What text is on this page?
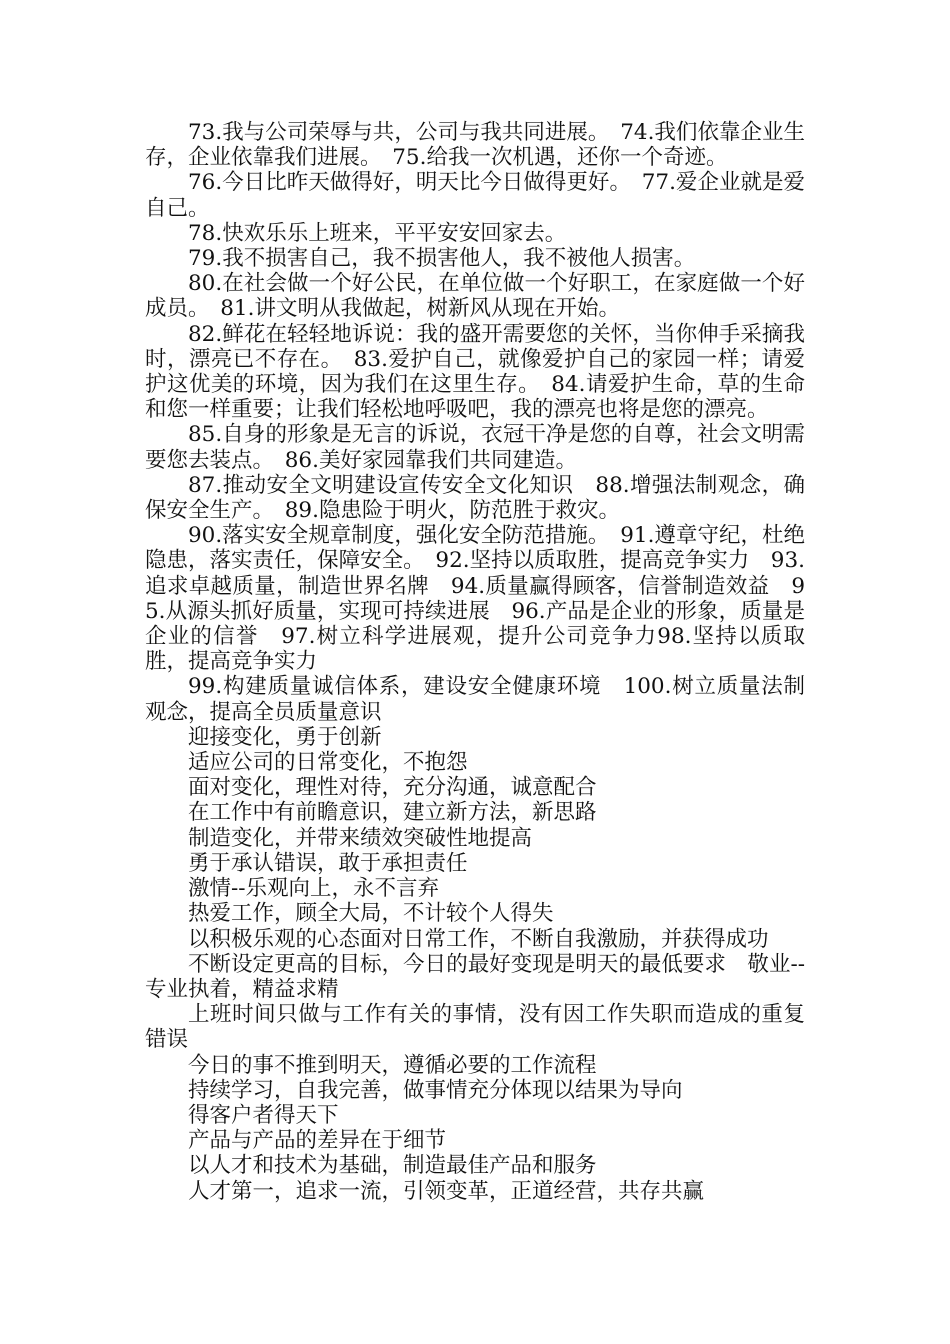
73.我与公司荣辱与共，公司与我共同进展。　74.我们依靠企业生存，企业依靠我们进展。　75.给我一次机遇，还你一个奇迹。

76.今日比昨天做得好，明天比今日做得更好。　77.爱企业就是爱自己。

78.快欢乐乐上班来，平平安安回家去。

79.我不损害自己，我不损害他人，我不被他人损害。

80.在社会做一个好公民，在单位做一个好职工，在家庭做一个好成员。　81.讲文明从我做起，树新风从现在开始。

82.鲜花在轻轻地诉说：我的盛开需要您的关怀，当你伸手采摘我时，漂亮已不存在。　83.爱护自己，就像爱护自己的家园一样；请爱护这优美的环境，因为我们在这里生存。　84.请爱护生命，草的生命和您一样重要；让我们轻松地呼吸吧，我的漂亮也将是您的漂亮。

85.自身的形象是无言的诉说，衣冠干净是您的自尊，社会文明需要您去装点。　86.美好家园靠我们共同建造。

87.推动安全文明建设宣传安全文化知识　88.增强法制观念，确保安全生产。　89.隐患险于明火，防范胜于救灾。

90.落实安全规章制度，强化安全防范措施。　91.遵章守纪，杜绝隐患，落实责任，保障安全。　92.坚持以质取胜，提高竞争实力　93.追求卓越质量，制造世界名牌　94.质量赢得顾客，信誉制造效益　95.从源头抓好质量，实现可持续进展　96.产品是企业的形象，质量是企业的信誉　97.树立科学进展观，提升公司竞争力98.坚持以质取胜，提高竞争实力

99.构建质量诚信体系，建设安全健康环境　100.树立质量法制观念，提高全员质量意识

迎接变化，勇于创新

适应公司的日常变化，不抱怨

面对变化，理性对待，充分沟通，诚意配合

在工作中有前瞻意识，建立新方法，新思路

制造变化，并带来绩效突破性地提高

勇于承认错误，敢于承担责任

激情--乐观向上，永不言弃

热爱工作，顾全大局，不计较个人得失

以积极乐观的心态面对日常工作，不断自我激励，并获得成功

不断设定更高的目标，今日的最好变现是明天的最低要求　敬业--专业执着，精益求精

上班时间只做与工作有关的事情，没有因工作失职而造成的重复错误

今日的事不推到明天，遵循必要的工作流程

持续学习，自我完善，做事情充分体现以结果为导向

得客户者得天下

产品与产品的差异在于细节

以人才和技术为基础，制造最佳产品和服务

人才第一，追求一流，引领变革，正道经营，共存共赢
